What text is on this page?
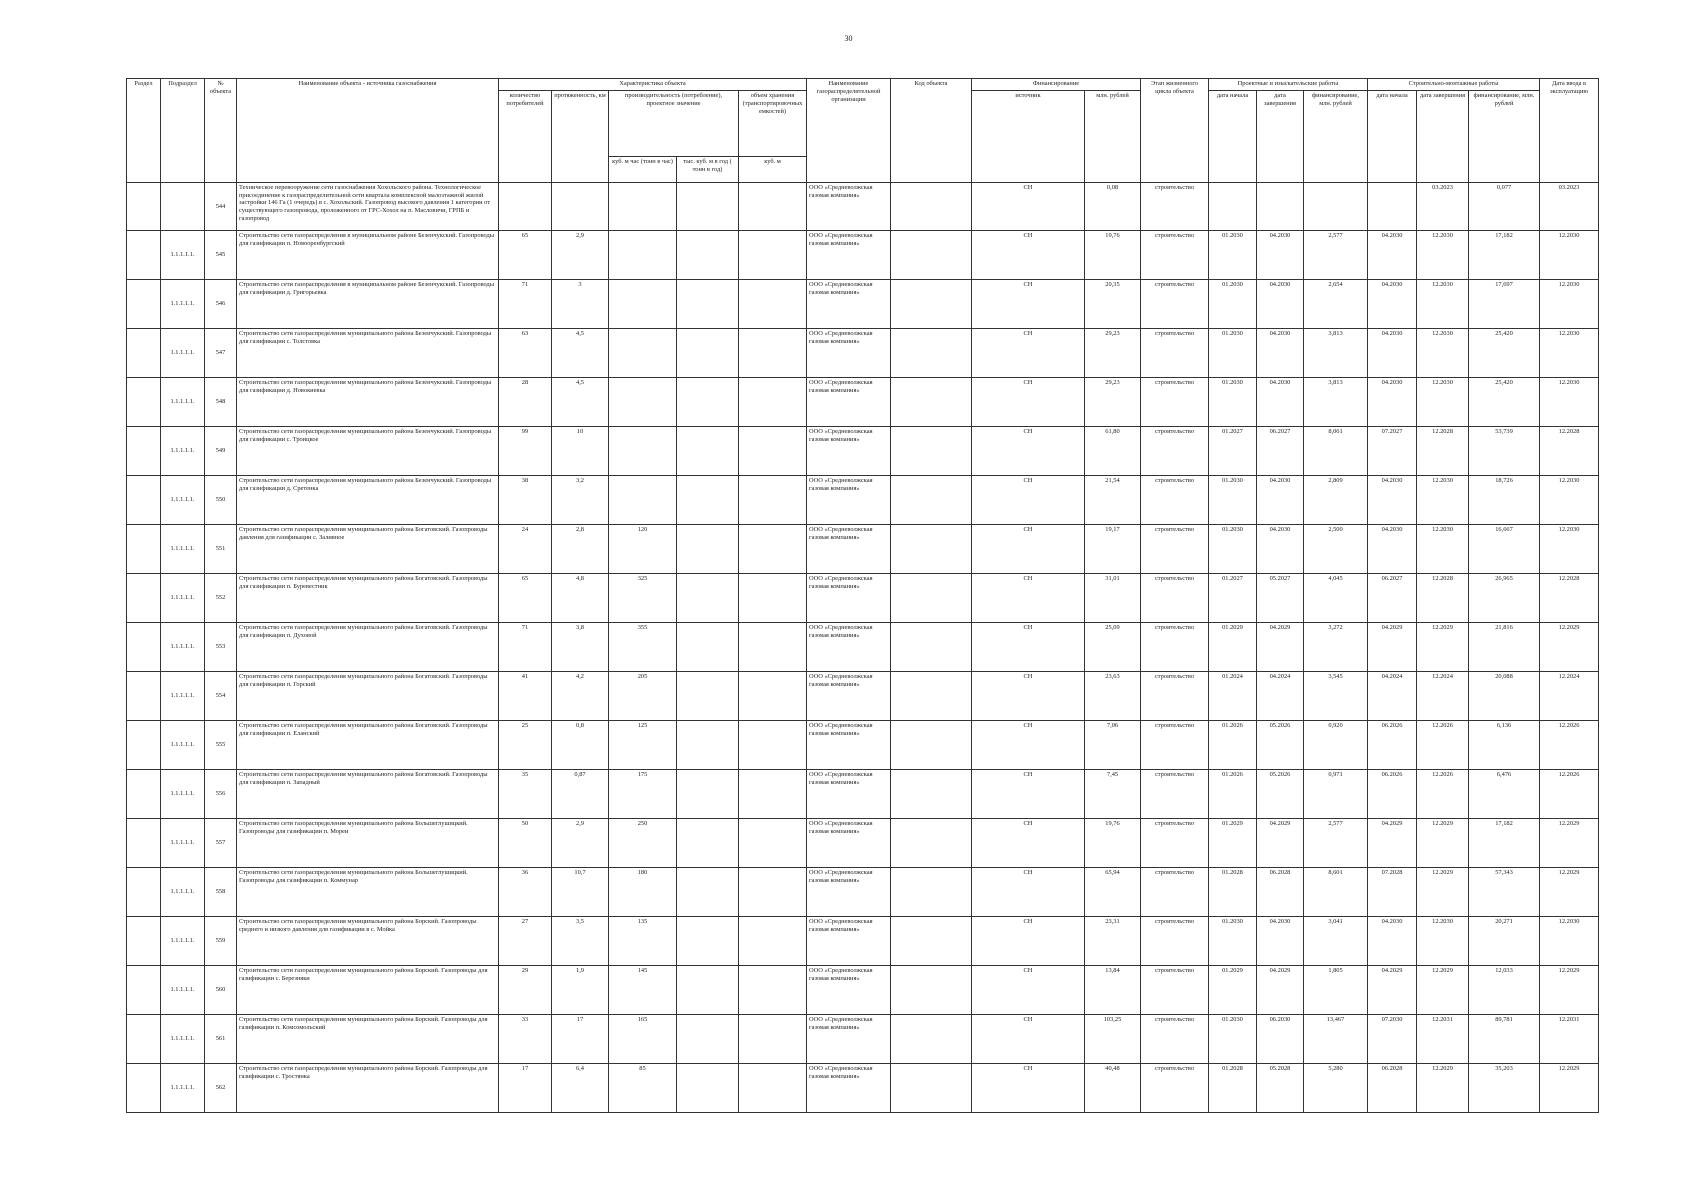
30
Раздел	Подраздел	№ объекта	Наименование объекта - источника газоснабжения	Характеристика объекта					Наименование газораспределительной организации	Код объекта	Финансирование		Этап жизненного цикла объекта	Проектные и изыскательские работы			Строительно-монтажные работы			Дата ввода в эксплуатацию
				количество потребителей	протяженность, км	производительность (потребление), проектное значение		объем хранения (транспортировочных емкостей)			источник	млн. рублей		дата начала	дата завершения	финансирование, млн. рублей	дата начала	дата завершения	финансирование, млн. рублей	
						куб. м час (тонн в час)	тыс. куб. м в год ( тонн в год)	куб. м												
		544	Техническое перевооружение сети газоснабжения Хохольского района. Технологическое присоединение к газораспределительной сети квартала комплексной малоэтажной жилой застройки 146 Га (1 очередь) в с. Хохольский. Газопровод высокого давления 1 категории от существующего газопровода, проложенного от ГРС-Хохол на п. Масловичи, ГРПБ и газопровод						ООО «Средневолжская газовая компания»		СН	0,08	строительство					03.2023	0,077	03.2023
	1.1.1.1.1.	545	Строительство сети газораспределения в муниципальном районе Безенчукский. Газопроводы для газификации п. Новооренбургский	65	2,9				ООО «Средневолжская газовая компания»		СН	19,76	строительство	01.2030	04.2030	2,577	04.2030	12.2030	17,182	12.2030
	1.1.1.1.1.	546	Строительство сети газораспределения в муниципальном районе Безенчукский. Газопроводы для газификации д. Григорьевка	71	3				ООО «Средневолжская газовая компания»		СН	20,35	строительство	01.2030	04.2030	2,654	04.2030	12.2030	17,697	12.2030
	1.1.1.1.1.	547	Строительство сети газораспределения муниципального района Безенчукский. Газопроводы для газификации с. Толстовка	63	4,5				ООО «Средневолжская газовая компания»		СН	29,23	строительство	01.2030	04.2030	3,813	04.2030	12.2030	25,420	12.2030
	1.1.1.1.1.	548	Строительство сети газораспределения муниципального района Безенчукский. Газопроводы для газификации д. Новокиевка	28	4,5				ООО «Средневолжская газовая компания»		СН	29,23	строительство	01.2030	04.2030	3,813	04.2030	12.2030	25,420	12.2030
	1.1.1.1.1.	549	Строительство сети газораспределения муниципального района Безенчукский. Газопроводы для газификации с. Троицкое	99	10				ООО «Средневолжская газовая компания»		СН	61,80	строительство	01.2027	06.2027	8,061	07.2027	12.2028	53,739	12.2028
	1.1.1.1.1.	550	Строительство сети газораспределения муниципального района Безенчукский. Газопроводы для газификации д. Сретенка	38	3,2				ООО «Средневолжская газовая компания»		СН	21,54	строительство	01.2030	04.2030	2,809	04.2030	12.2030	18,726	12.2030
	1.1.1.1.1.	551	Строительство сети газораспределения муниципального района Богатовский. Газопроводы давления для газификации с. Заливное	24	2,8	120			ООО «Средневолжская газовая компания»		СН	19,17	строительство	01.2030	04.2030	2,500	04.2030	12.2030	16,667	12.2030
	1.1.1.1.1.	552	Строительство сети газораспределения муниципального района Богатовский. Газопроводы для газификации п. Буревестник	65	4,8	325			ООО «Средневолжская газовая компания»		СН	31,01	строительство	01.2027	05.2027	4,045	06.2027	12.2028	26,965	12.2028
	1.1.1.1.1.	553	Строительство сети газораспределения муниципального района Богатовский. Газопроводы для газификации п. Духовой	71	3,8	355			ООО «Средневолжская газовая компания»		СН	25,09	строительство	01.2029	04.2029	3,272	04.2029	12.2029	21,816	12.2029
	1.1.1.1.1.	554	Строительство сети газораспределения муниципального района Богатовский. Газопроводы для газификации п. Горский	41	4,2	205			ООО «Средневолжская газовая компания»		СН	23,63	строительство	01.2024	04.2024	3,545	04.2024	12.2024	20,088	12.2024
	1.1.1.1.1.	555	Строительство сети газораспределения муниципального района Богатовский. Газопроводы для газификации п. Еланский	25	0,8	125			ООО «Средневолжская газовая компания»		СН	7,06	строительство	01.2026	05.2026	0,920	06.2026	12.2026	6,136	12.2026
	1.1.1.1.1.	556	Строительство сети газораспределения муниципального района Богатовский. Газопроводы для газификации п. Западный	35	0,87	175			ООО «Средневолжская газовая компания»		СН	7,45	строительство	01.2026	05.2026	0,971	06.2026	12.2026	6,476	12.2026
	1.1.1.1.1.	557	Строительство сети газораспределения муниципального района Большеглушицкий. Газопроводы для газификации п. Мореи	50	2,9	250			ООО «Средневолжская газовая компания»		СН	19,76	строительство	01.2029	04.2029	2,577	04.2029	12.2029	17,182	12.2029
	1.1.1.1.1.	558	Строительство сети газораспределения муниципального района Большеглушицкий. Газопроводы для газификации п. Коммунар	36	10,7	180			ООО «Средневолжская газовая компания»		СН	65,94	строительство	01.2028	06.2028	8,601	07.2028	12.2029	57,343	12.2029
	1.1.1.1.1.	559	Строительство сети газораспределения муниципального района Борский. Газопроводы среднего и низкого давления для газификации в с. Мойка	27	3,5	135			ООО «Средневолжская газовая компания»		СН	23,31	строительство	01.2030	04.2030	3,041	04.2030	12.2030	20,271	12.2030
	1.1.1.1.1.	560	Строительство сети газораспределения муниципального района Борский. Газопроводы для газификации с. Березняки	29	1,9	145			ООО «Средневолжская газовая компания»		СН	13,84	строительство	01.2029	04.2029	1,805	04.2029	12.2029	12,033	12.2029
	1.1.1.1.1.	561	Строительство сети газораспределения муниципального района Борский. Газопроводы для газификации п. Комсомольский	33	17	165			ООО «Средневолжская газовая компания»		СН	103,25	строительство	01.2030	06.2030	13,467	07.2030	12.2031	89,781	12.2031
	1.1.1.1.1.	562	Строительство сети газораспределения муниципального района Борский. Газопроводы для газификации с. Тростянка	17	6,4	85			ООО «Средневолжская газовая компания»		СН	40,48	строительство	01.2028	05.2028	5,280	06.2028	12.2029	35,203	12.2029
